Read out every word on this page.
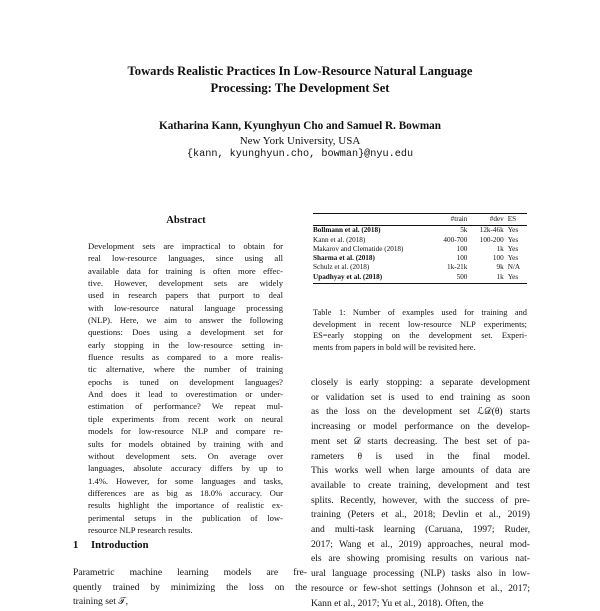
Towards Realistic Practices In Low-Resource Natural Language
Processing: The Development Set
Katharina Kann, Kyunghyun Cho and Samuel R. Bowman
New York University, USA
{kann, kyunghyun.cho, bowman}@nyu.edu
Abstract
Development sets are impractical to obtain for
real low-resource languages, since using all
available data for training is often more effec-
tive. However, development sets are widely
used in research papers that purport to deal
with low-resource natural language processing
(NLP). Here, we aim to answer the following
questions: Does using a development set for
early stopping in the low-resource setting in-
fluence results as compared to a more realis-
tic alternative, where the number of training
epochs is tuned on development languages?
And does it lead to overestimation or under-
estimation of performance? We repeat mul-
tiple experiments from recent work on neural
models for low-resource NLP and compare re-
sults for models obtained by training with and
without development sets. On average over
languages, absolute accuracy differs by up to
1.4%. However, for some languages and tasks,
differences are as big as 18.0% accuracy. Our
results highlight the importance of realistic ex-
perimental setups in the publication of low-
resource NLP research results.
1 Introduction
Parametric machine learning models are fre-
quently trained by minimizing the loss on the
training set 𝒯,
	#train	#dev	ES
Bollmann et al. (2018)	5k	12k-46k	Yes
Kann et al. (2018)	400-700	100-200	Yes
Makarov and Clematide (2018)	100	1k	Yes
Sharma et al. (2018)	100	100	Yes
Schulz et al. (2018)	1k-21k	9k	N/A
Upadhyay et al. (2018)	500	1k	Yes
Table 1: Number of examples used for training and
development in recent low-resource NLP experiments;
ES=early stopping on the development set. Experi-
ments from papers in bold will be revisited here.
closely is early stopping: a separate development
or validation set is used to end training as soon
as the loss on the development set ℒ𝒟(θ) starts
increasing or model performance on the develop-
ment set 𝒟 starts decreasing. The best set of pa-
rameters θ is used in the final model.
This works well when large amounts of data are
available to create training, development and test
splits. Recently, however, with the success of pre-
training (Peters et al., 2018; Devlin et al., 2019)
and multi-task learning (Caruana, 1997; Ruder,
2017; Wang et al., 2019) approaches, neural mod-
els are showing promising results on various nat-
ural language processing (NLP) tasks also in low-
resource or few-shot settings (Johnson et al., 2017;
Kann et al., 2017; Yu et al., 2018). Often, the
